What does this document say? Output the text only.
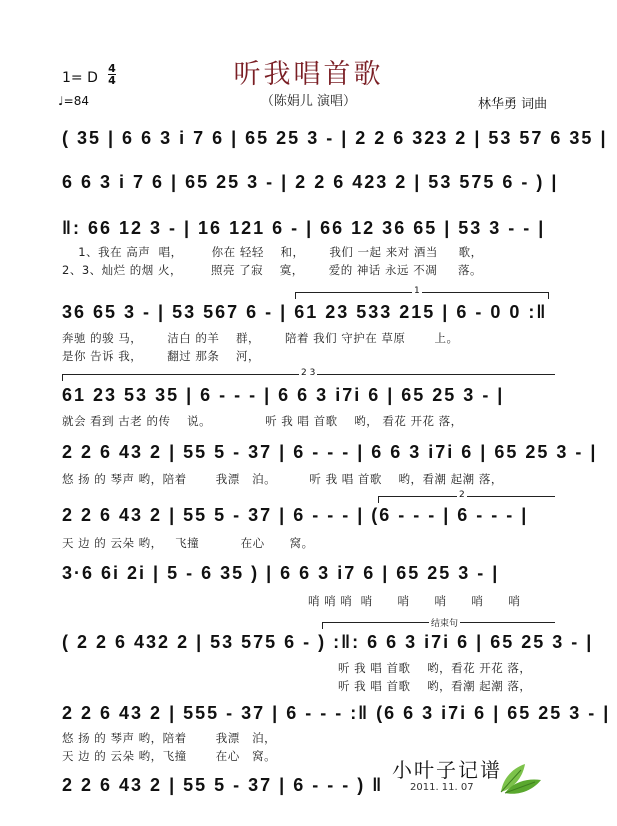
听我唱首歌
（陈娟儿 演唱）
1= D
4
4
♩=84	林华勇 词曲
( 35 | 6 6 3 i 7 6 | 65 25 3 - | 2 2 6 323 2 | 53 57 6 35 |
6 6 3 i 7 6 | 65 25 3 - | 2 2 6 423 2 | 53 575 6 - ) |
‖: 66 12 3 - | 16 121 6 - | 66 12 36 65 | 53 3 - - |
36 65 3 - | 53 567 6 - | 61 23 533 215 | 6 - 0 0 :‖
61 23 53 35 | 6 - - - | 6 6 3 i7i 6 | 65 25 3 - |
2 2 6 43 2 | 55 5 - 37 | 6 - - - | 6 6 3 i7i 6 | 65 25 3 - |
2 2 6 43 2 | 55 5 - 37 | 6 - - - | (6 - - - | 6 - - - |
3·6 6i 2i | 5 - 6 35 ) | 6 6 3 i7 6 | 65 25 3 - |
( 2 2 6 432 2 | 53 575 6 - ) :‖: 6 6 3 i7i 6 | 65 25 3 - |
2 2 6 43 2 | 555 - 37 | 6 - - - :‖ (6 6 3 i7i 6 | 65 25 3 - |
2 2 6 43 2 | 55 5 - 37 | 6 - - - ) ‖
1、我在 高声  唱，       你在 轻轻    和，      我们 一起 来对 酒当     歌，
2、3、灿烂 的烟 火，       照亮 了寂    寞，      爱的 神话 永远 不凋     落。
奔驰 的骏 马，      洁白 的羊    群，      陪着 我们 守护在 草原       上。
是你 告诉 我，      翻过 那条    河，
就会 看到 古老 的传    说。             听 我 唱 首歌    哟， 看花 开花 落，
悠 扬 的 琴声 哟，陪着       我漂   泊。        听 我 唱 首歌    哟，看潮 起潮 落，
天 边 的 云朵 哟，   飞撞          在心      窝。
哨 哨 哨  哨      哨      哨      哨      哨
听 我 唱 首歌    哟，看花 开花 落，
听 我 唱 首歌    哟，看潮 起潮 落，
悠 扬 的 琴声 哟，陪着       我漂   泊，
天 边 的 云朵 哟，飞撞       在心   窝。
1
2 3
2
结束句
小叶子记谱
2011. 11. 07
